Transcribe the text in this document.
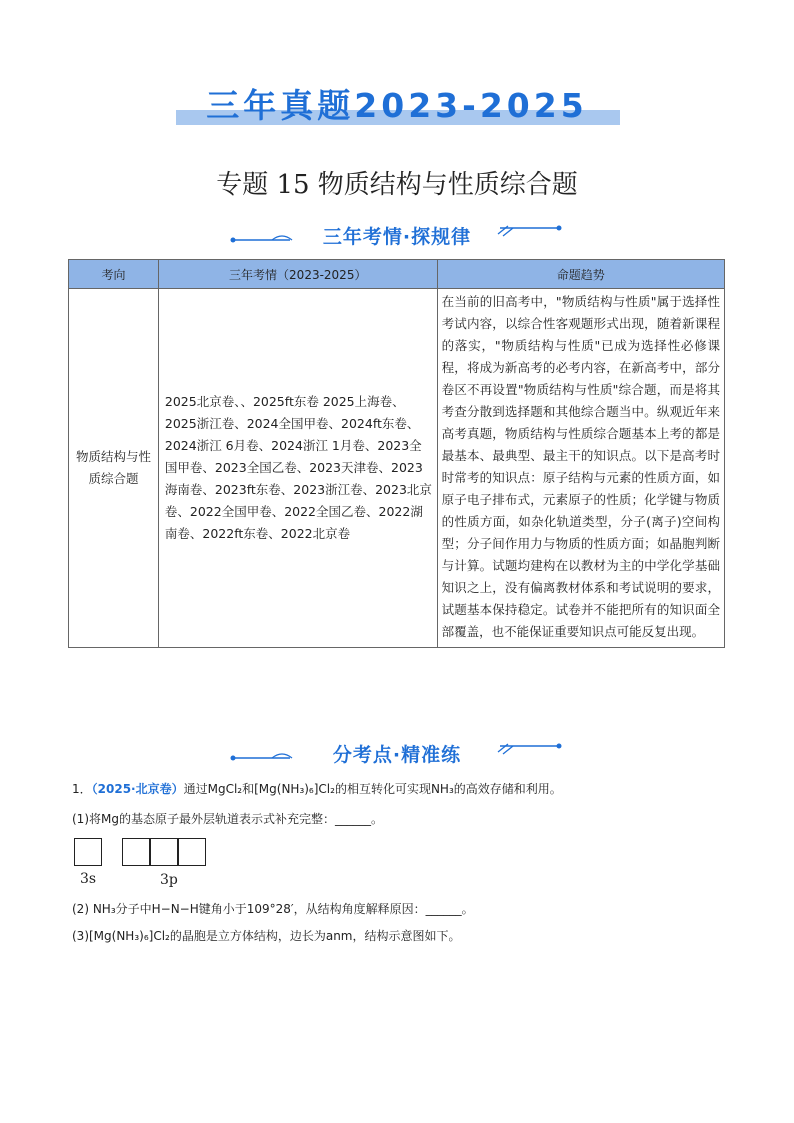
三年真题2023-2025
专题 15 物质结构与性质综合题
三年考情·探规律
考向	三年考情（2023-2025）	命题趋势
物质结构与性质综合题	2025北京卷、、2025ft东卷 2025上海卷、2025浙江卷、2024全国甲卷、2024ft东卷、2024浙江 6月卷、2024浙江 1月卷、2023全国甲卷、2023全国乙卷、2023天津卷、2023海南卷、2023ft东卷、2023浙江卷、2023北京卷、2022全国甲卷、2022全国乙卷、2022湖南卷、2022ft东卷、2022北京卷	在当前的旧高考中，"物质结构与性质"属于选择性考试内容，以综合性客观题形式出现，随着新课程的落实，"物质结构与性质"已成为选择性必修课程，将成为新高考的必考内容，在新高考中，部分卷区不再设置"物质结构与性质"综合题，而是将其考查分散到选择题和其他综合题当中。纵观近年来高考真题，物质结构与性质综合题基本上考的都是最基本、最典型、最主干的知识点。以下是高考时时常考的知识点：原子结构与元素的性质方面，如原子电子排布式，元素原子的性质；化学键与物质的性质方面，如杂化轨道类型，分子(离子)空间构型；分子间作用力与物质的性质方面；如晶胞判断与计算。试题均建构在以教材为主的中学化学基础知识之上，没有偏离教材体系和考试说明的要求， 试题基本保持稳定。试卷并不能把所有的知识面全部覆盖，也不能保证重要知识点可能反复出现。
分考点·精准练
1．（2025·北京卷）通过MgCl₂和[Mg(NH₃)₆]Cl₂的相互转化可实现NH₃的高效存储和利用。
(1)将Mg的基态原子最外层轨道表示式补充完整：______。
3s	3p
(2) NH₃分子中H−N−H键角小于109°28′，从结构角度解释原因：______。
(3)[Mg(NH₃)₆]Cl₂的晶胞是立方体结构，边长为anm，结构示意图如下。
